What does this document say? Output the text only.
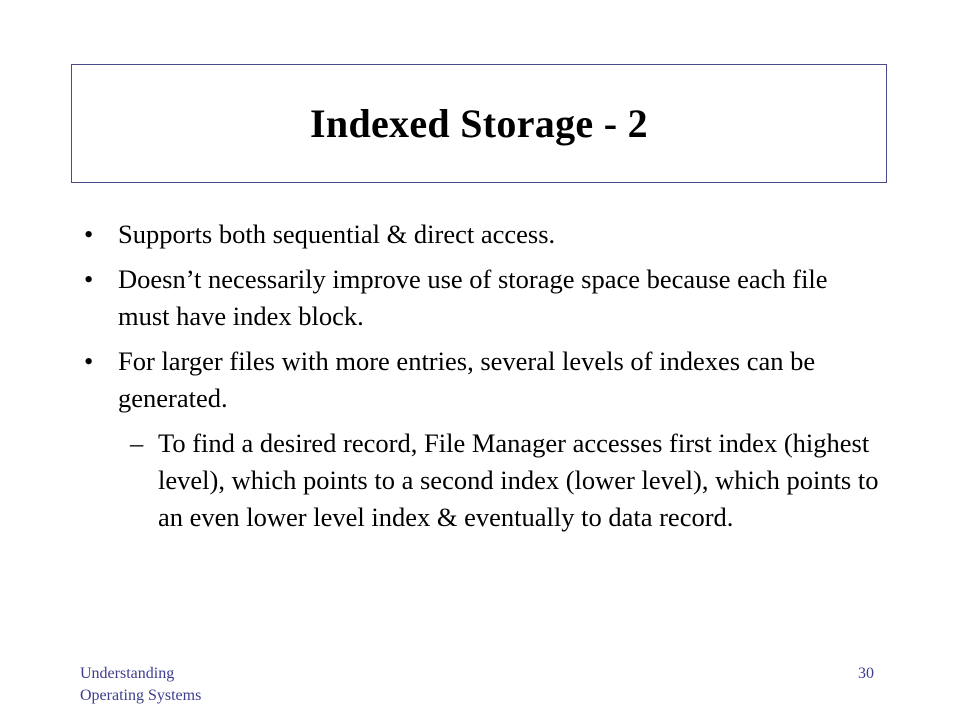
Indexed Storage - 2
• Supports both sequential & direct access.
• Doesn’t necessarily improve use of storage space because each file must have index block.
• For larger files with more entries, several levels of indexes can be generated.
– To find a desired record, File Manager accesses first index (highest level), which points to a second index (lower level), which points to an even lower level index & eventually to data record.
Understanding
Operating Systems
30
